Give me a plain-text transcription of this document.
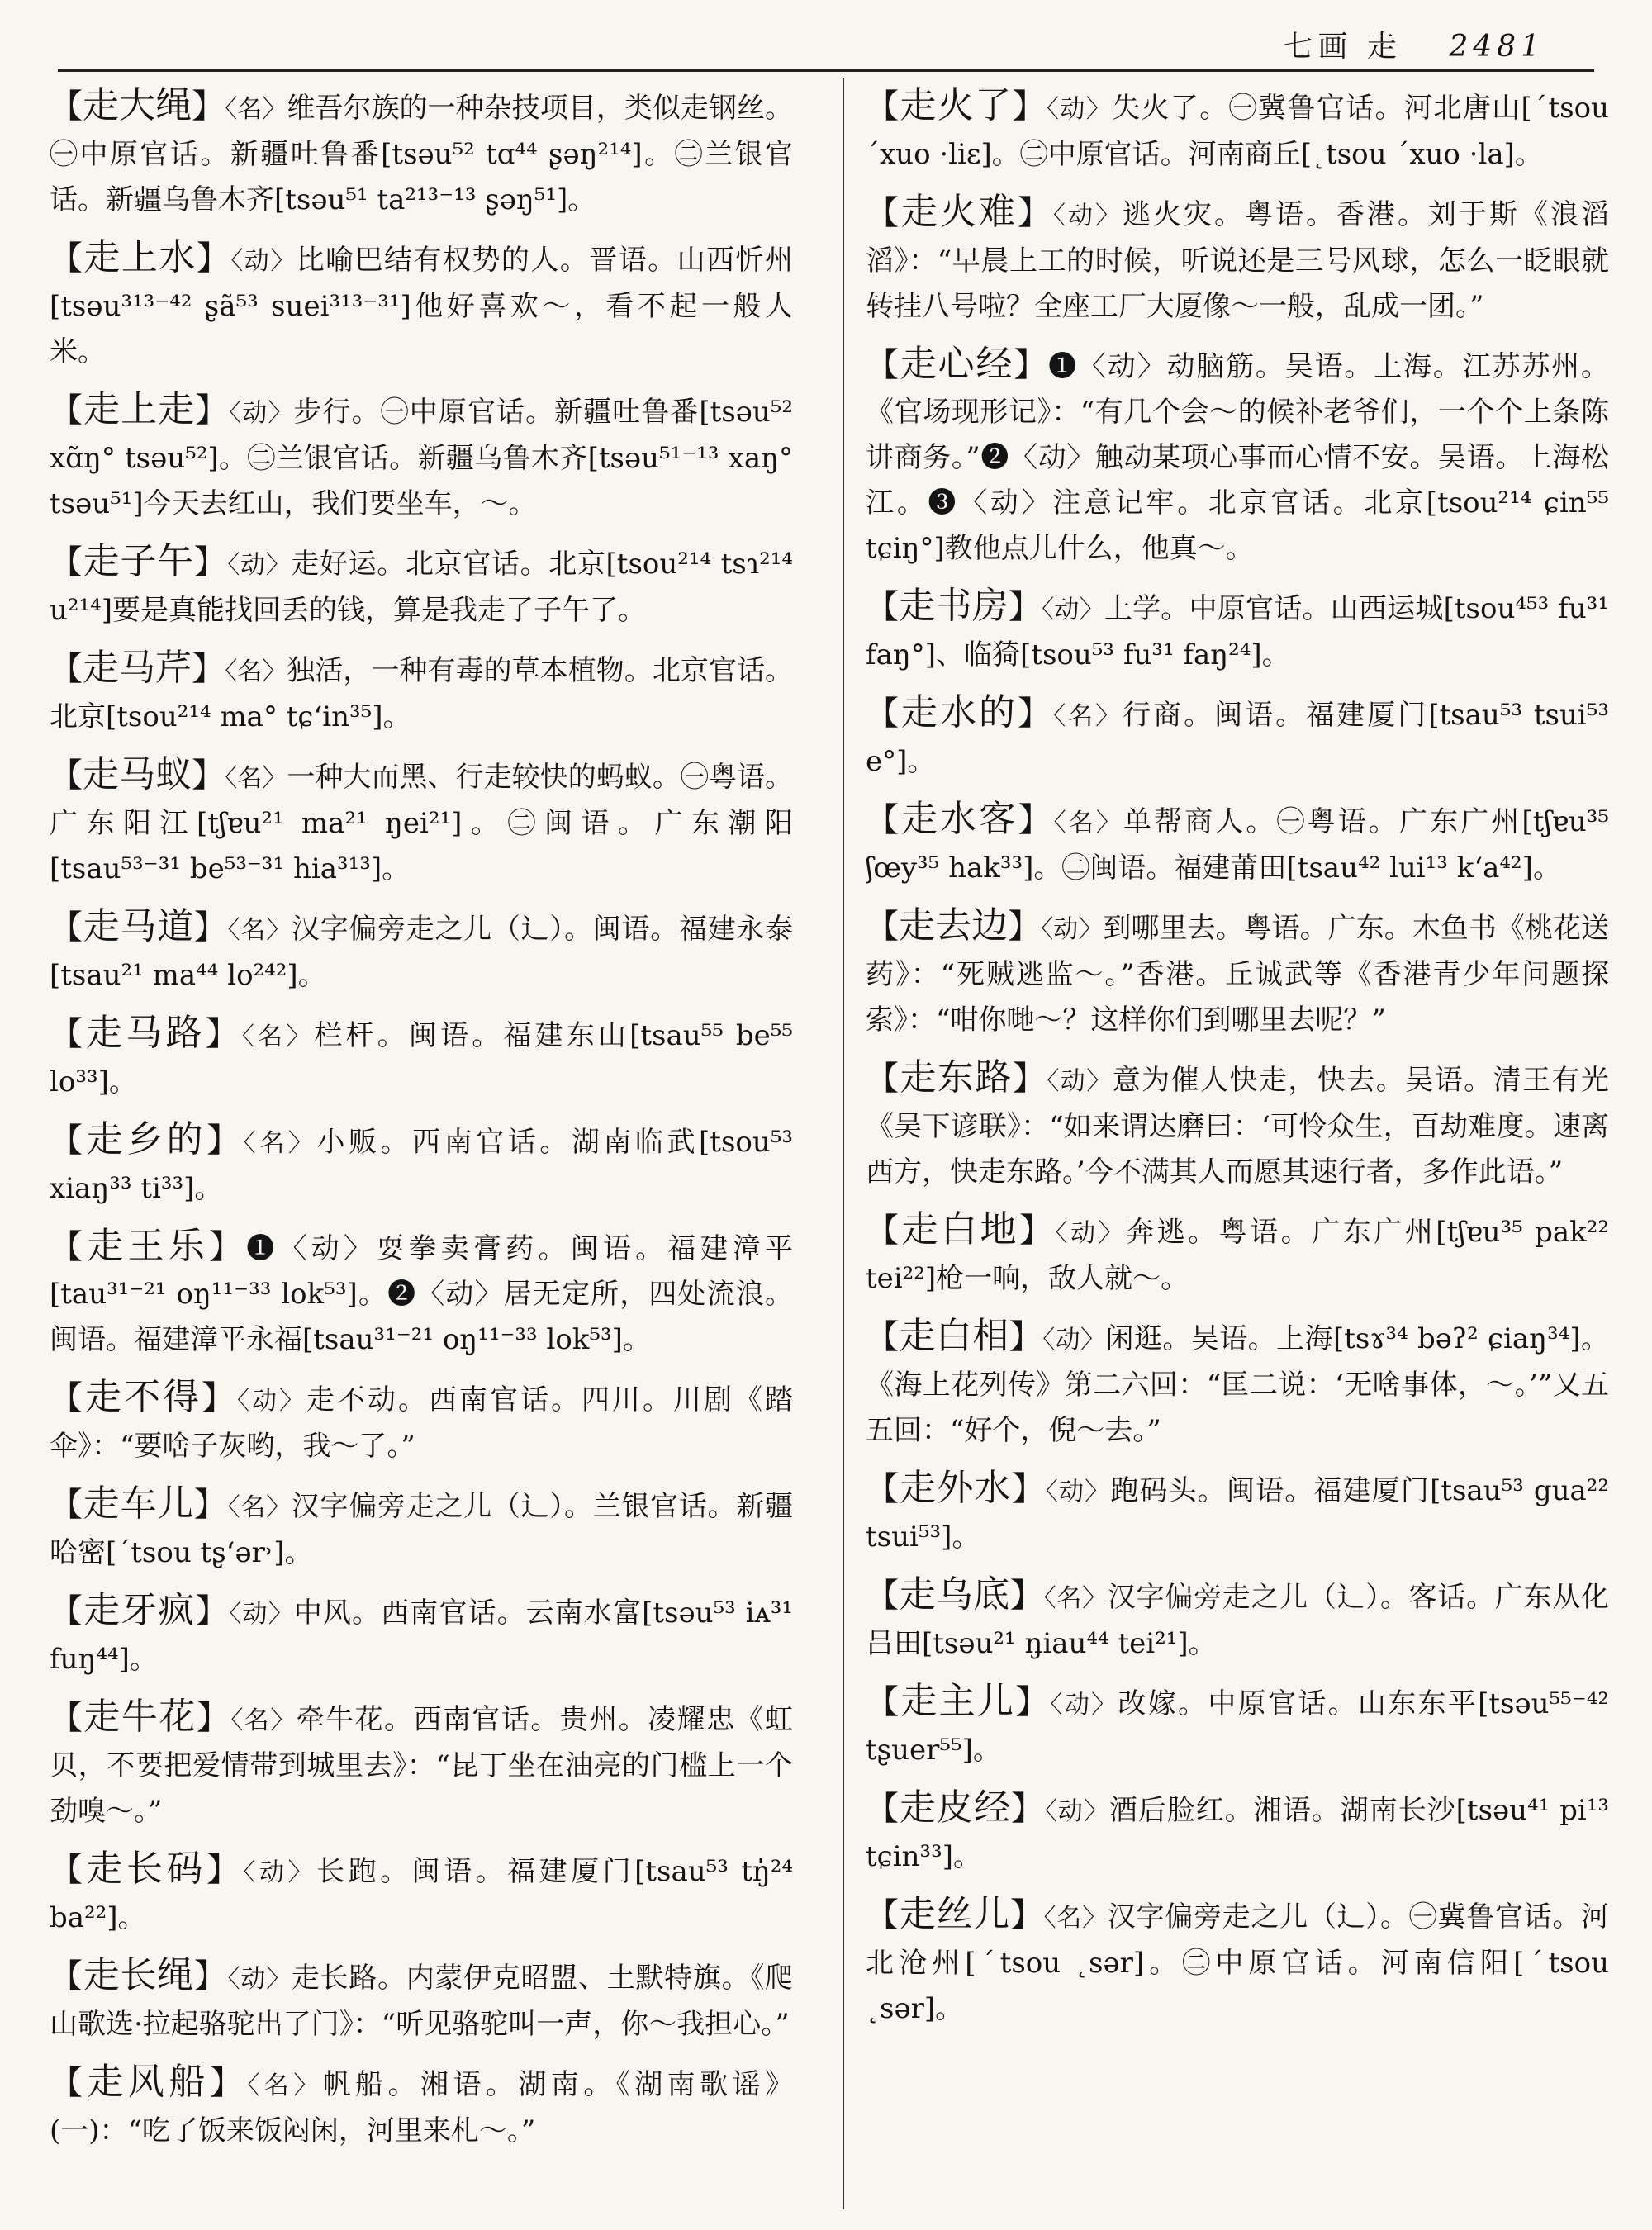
七画 走 2481

【走大绳】〈名〉维吾尔族的一种杂技项目，类似走钢丝。㊀中原官话。新疆吐鲁番[tsəu⁵² tɑ⁴⁴ ʂəŋ²¹⁴]。㊁兰银官话。新疆乌鲁木齐[tsəu⁵¹ ta²¹³⁻¹³ ʂəŋ⁵¹]。

【走上水】〈动〉比喻巴结有权势的人。晋语。山西忻州[tsəu³¹³⁻⁴² ʂã⁵³ suei³¹³⁻³¹]他好喜欢～，看不起一般人米。

【走上走】〈动〉步行。㊀中原官话。新疆吐鲁番[tsəu⁵² xɑ̃ŋ° tsəu⁵²]。㊁兰银官话。新疆乌鲁木齐[tsəu⁵¹⁻¹³ xaŋ° tsəu⁵¹]今天去红山，我们要坐车，～。

【走子午】〈动〉走好运。北京官话。北京[tsou²¹⁴ tsɿ²¹⁴ u²¹⁴]要是真能找回丢的钱，算是我走了子午了。

【走马芹】〈名〉独活，一种有毒的草本植物。北京官话。北京[tsou²¹⁴ ma° tɕʻin³⁵]。

【走马蚁】〈名〉一种大而黑、行走较快的蚂蚁。㊀粤语。广东阳江[tʃɐu²¹ ma²¹ ŋei²¹]。㊁闽语。广东潮阳[tsau⁵³⁻³¹ be⁵³⁻³¹ hia³¹³]。

【走马道】〈名〉汉字偏旁走之儿（辶）。闽语。福建永泰[tsau²¹ ma⁴⁴ lo²⁴²]。

【走马路】〈名〉栏杆。闽语。福建东山[tsau⁵⁵ be⁵⁵ lo³³]。

【走乡的】〈名〉小贩。西南官话。湖南临武[tsou⁵³ xiaŋ³³ ti³³]。

【走王乐】❶〈动〉耍拳卖膏药。闽语。福建漳平[tau³¹⁻²¹ oŋ¹¹⁻³³ lok⁵³]。❷〈动〉居无定所，四处流浪。闽语。福建漳平永福[tsau³¹⁻²¹ oŋ¹¹⁻³³ lok⁵³]。

【走不得】〈动〉走不动。西南官话。四川。川剧《踏伞》：“要啥子灰哟，我～了。”

【走车儿】〈名〉汉字偏旁走之儿（辶）。兰银官话。新疆哈密[ˊtsou tʂʻər˒]。

【走牙疯】〈动〉中风。西南官话。云南水富[tsəu⁵³ iᴀ³¹ fuŋ⁴⁴]。

【走牛花】〈名〉牵牛花。西南官话。贵州。凌耀忠《虹贝，不要把爱情带到城里去》：“昆丁坐在油亮的门槛上一个劲嗅～。”

【走长码】〈动〉长跑。闽语。福建厦门[tsau⁵³ tŋ̍²⁴ ba²²]。

【走长绳】〈动〉走长路。内蒙伊克昭盟、土默特旗。《爬山歌选·拉起骆驼出了门》：“听见骆驼叫一声，你～我担心。”

【走风船】〈名〉帆船。湘语。湖南。《湖南歌谣》(一)：“吃了饭来饭闷闲，河里来札～。”

【走火了】〈动〉失火了。㊀冀鲁官话。河北唐山[ˊtsou ˊxuo ·liɛ]。㊁中原官话。河南商丘[˛tsou ˊxuo ·la]。

【走火难】〈动〉逃火灾。粤语。香港。刘于斯《浪滔滔》：“早晨上工的时候，听说还是三号风球，怎么一眨眼就转挂八号啦？全座工厂大厦像～一般，乱成一团。”

【走心经】❶〈动〉动脑筋。吴语。上海。江苏苏州。《官场现形记》：“有几个会～的候补老爷们，一个个上条陈讲商务。”❷〈动〉触动某项心事而心情不安。吴语。上海松江。❸〈动〉注意记牢。北京官话。北京[tsou²¹⁴ ɕin⁵⁵ tɕiŋ°]教他点儿什么，他真～。

【走书房】〈动〉上学。中原官话。山西运城[tsou⁴⁵³ fu³¹ faŋ°]、临猗[tsou⁵³ fu³¹ faŋ²⁴]。

【走水的】〈名〉行商。闽语。福建厦门[tsau⁵³ tsui⁵³ e°]。

【走水客】〈名〉单帮商人。㊀粤语。广东广州[tʃɐu³⁵ ʃœy³⁵ hak³³]。㊁闽语。福建莆田[tsau⁴² lui¹³ kʻa⁴²]。

【走去边】〈动〉到哪里去。粤语。广东。木鱼书《桃花送药》：“死贼逃监～。”香港。丘诚武等《香港青少年问题探索》：“咁你哋～？这样你们到哪里去呢？”

【走东路】〈动〉意为催人快走，快去。吴语。清王有光《吴下谚联》：“如来谓达磨曰：‘可怜众生，百劫难度。速离西方，快走东路。’今不满其人而愿其速行者，多作此语。”

【走白地】〈动〉奔逃。粤语。广东广州[tʃɐu³⁵ pak²² tei²²]枪一响，敌人就～。

【走白相】〈动〉闲逛。吴语。上海[tsɤ³⁴ bəʔ² ɕiaŋ³⁴]。《海上花列传》第二六回：“匡二说：‘无啥事体，～。’”又五五回：“好个，倪～去。”

【走外水】〈动〉跑码头。闽语。福建厦门[tsau⁵³ gua²² tsui⁵³]。

【走乌底】〈名〉汉字偏旁走之儿（辶）。客话。广东从化吕田[tsəu²¹ n̡iau⁴⁴ tei²¹]。

【走主儿】〈动〉改嫁。中原官话。山东东平[tsəu⁵⁵⁻⁴² tʂuer⁵⁵]。

【走皮经】〈动〉酒后脸红。湘语。湖南长沙[tsəu⁴¹ pi¹³ tɕin³³]。

【走丝儿】〈名〉汉字偏旁走之儿（辶）。㊀冀鲁官话。河北沧州[ˊtsou ˛sər]。㊁中原官话。河南信阳[ˊtsou ˛sər]。
